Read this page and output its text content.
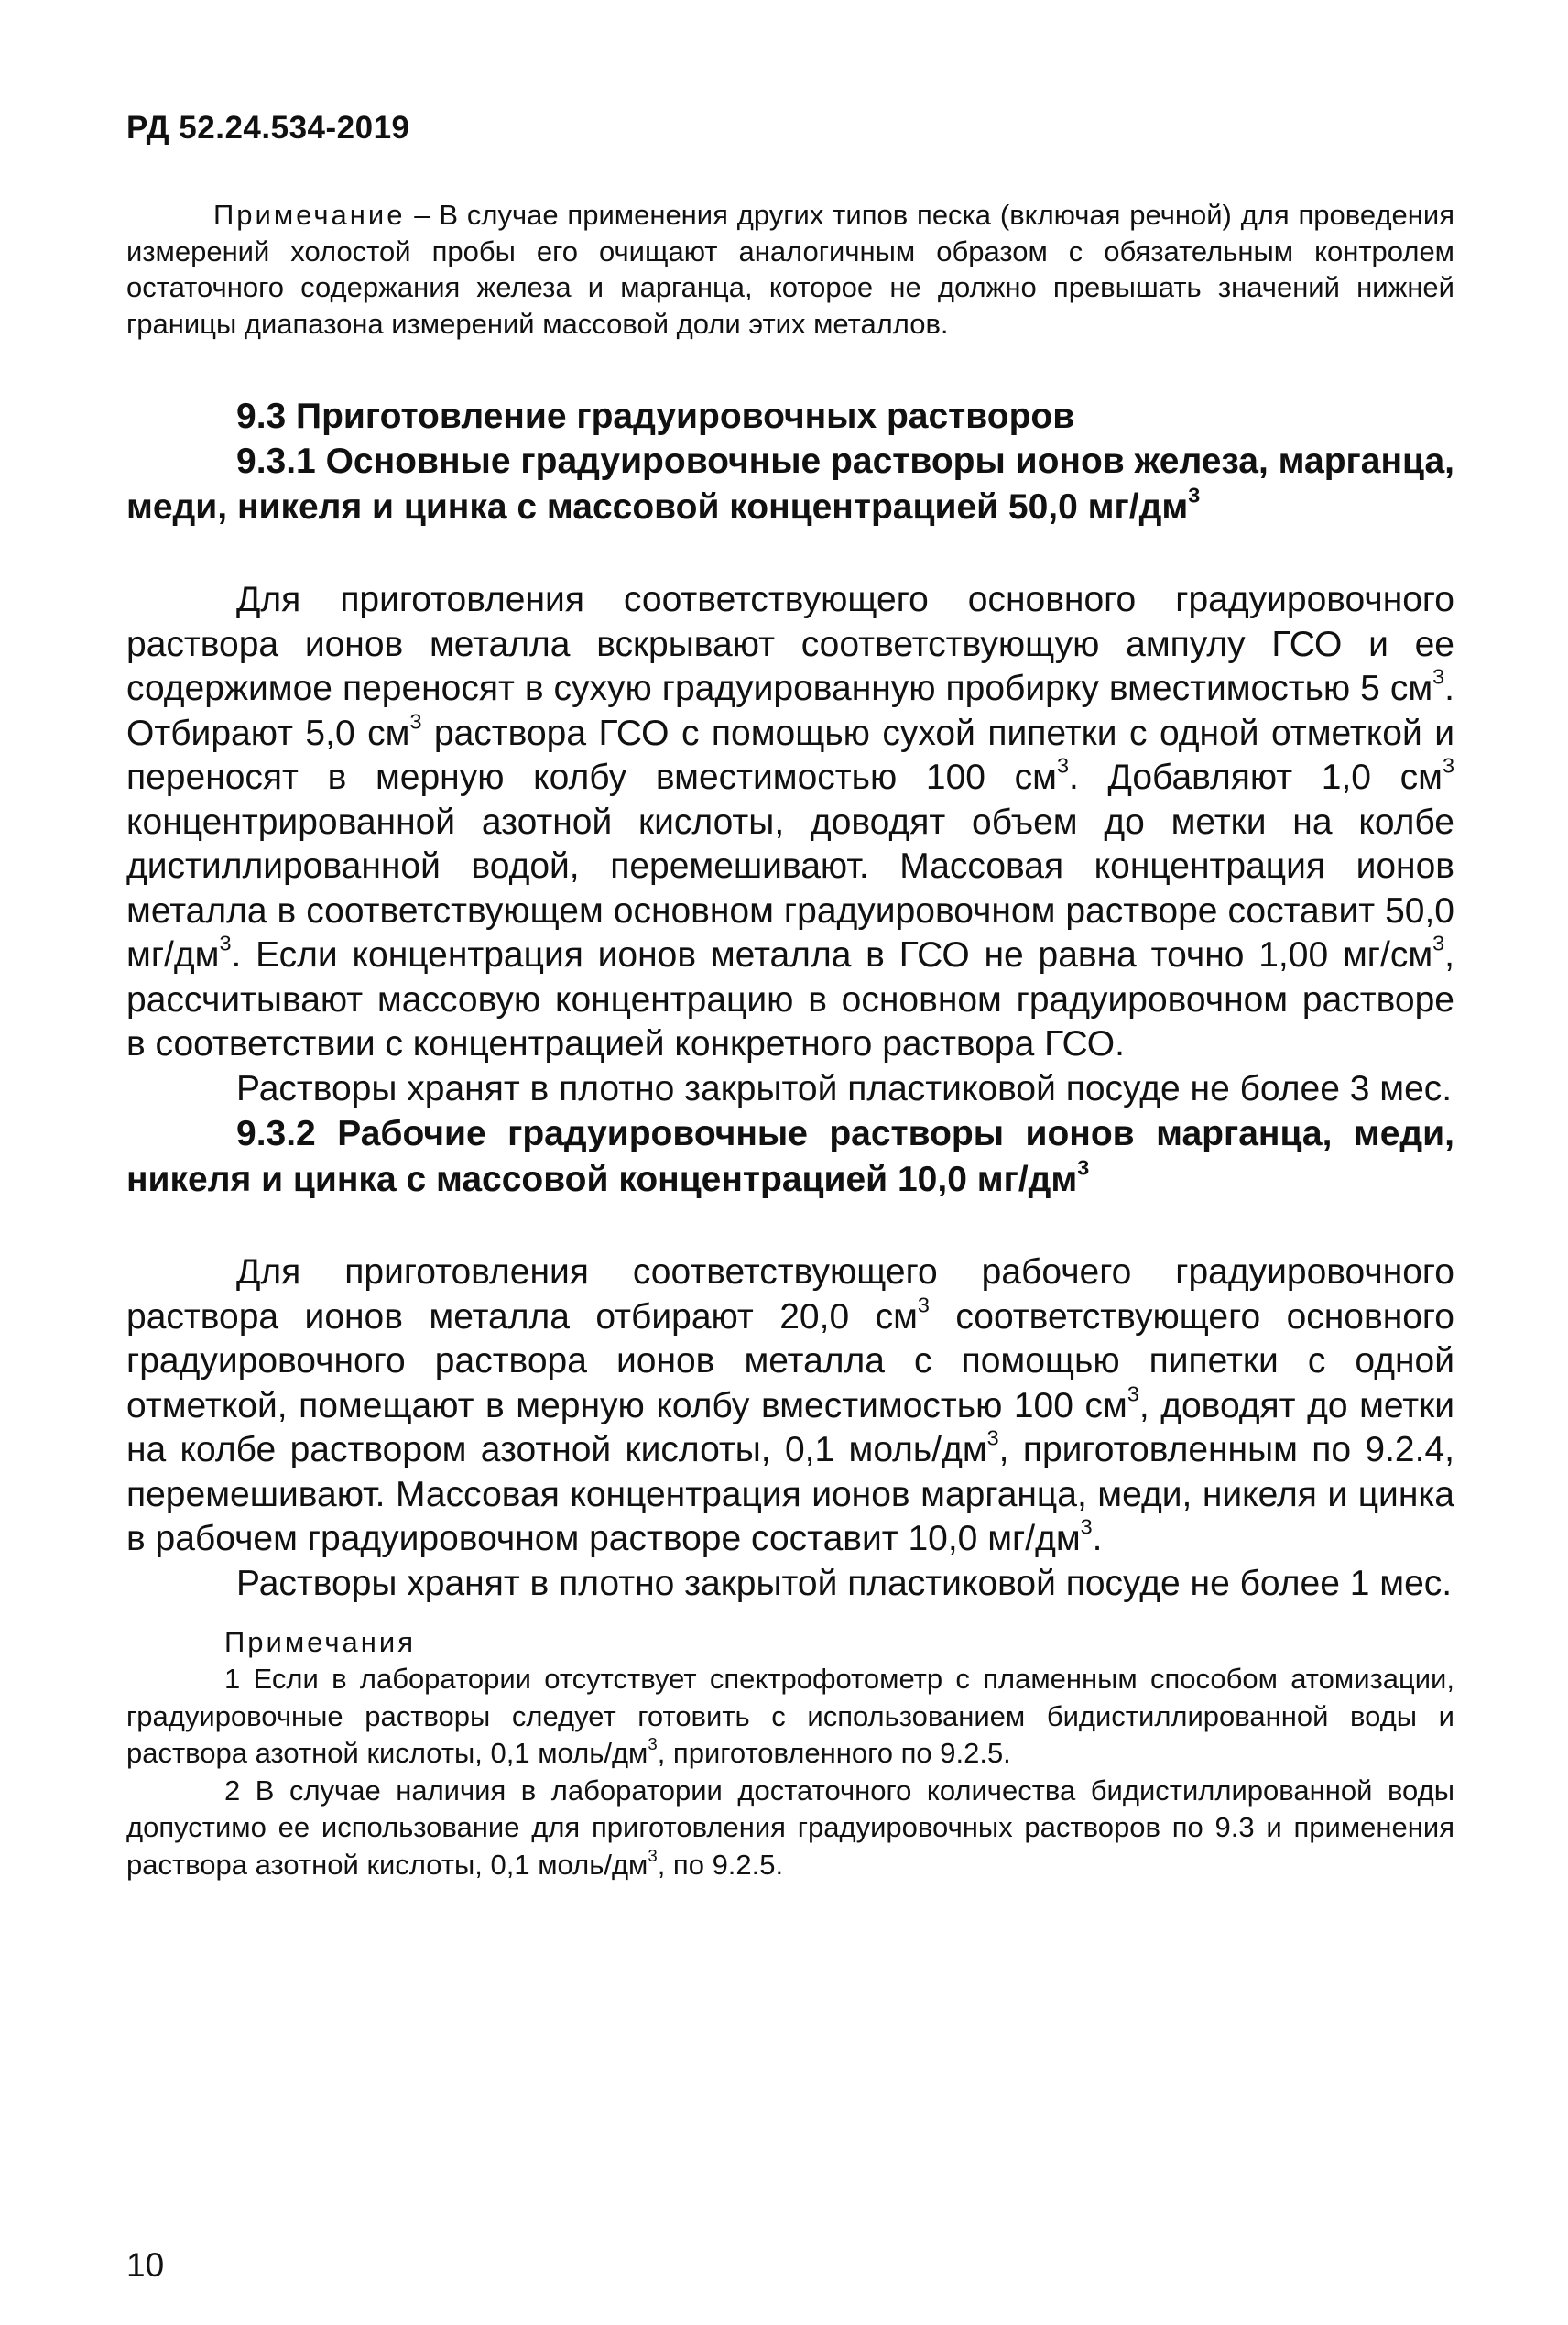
РД 52.24.534-2019

Примечание – В случае применения других типов песка (включая речной) для проведения измерений холостой пробы его очищают аналогичным образом с обязательным контролем остаточного содержания железа и марганца, которое не должно превышать значений нижней границы диапазона измерений массовой доли этих металлов.

9.3 Приготовление градуировочных растворов
9.3.1 Основные градуировочные растворы ионов железа, марганца, меди, никеля и цинка с массовой концентрацией 50,0 $мг/дм^3$

Для приготовления соответствующего основного градуировочного раствора ионов металла вскрывают соответствующую ампулу ГСО и ее содержимое переносят в сухую градуированную пробирку вместимостью 5 $см^3$. Отбирают 5,0 $см^3$ раствора ГСО с помощью сухой пипетки с одной отметкой и переносят в мерную колбу вместимостью 100 $см^3$. Добавляют 1,0 $см^3$ концентрированной азотной кислоты, доводят объем до метки на колбе дистиллированной водой, перемешивают. Массовая концентрация ионов металла в соответствующем основном градуировочном растворе составит 50,0 $мг/дм^3$. Если концентрация ионов металла в ГСО не равна точно 1,00 $мг/см^3$, рассчитывают массовую концентрацию в основном градуировочном растворе в соответствии с концентрацией конкретного раствора ГСО.

Растворы хранят в плотно закрытой пластиковой посуде не более 3 мес.

9.3.2 Рабочие градуировочные растворы ионов марганца, меди, никеля и цинка с массовой концентрацией 10,0 $мг/дм^3$

Для приготовления соответствующего рабочего градуировочного раствора ионов металла отбирают 20,0 $см^3$ соответствующего основного градуировочного раствора ионов металла с помощью пипетки с одной отметкой, помещают в мерную колбу вместимостью 100 $см^3$, доводят до метки на колбе раствором азотной кислоты, 0,1 моль/$дм^3$, приготовленным по 9.2.4, перемешивают. Массовая концентрация ионов марганца, меди, никеля и цинка в рабочем градуировочном растворе составит 10,0 $мг/дм^3$.

Растворы хранят в плотно закрытой пластиковой посуде не более 1 мес.

Примечания

1 Если в лаборатории отсутствует спектрофотометр с пламенным способом атомизации, градуировочные растворы следует готовить с использованием бидистиллированной воды и раствора азотной кислоты, 0,1 моль/$дм^3$, приготовленного по 9.2.5.

2 В случае наличия в лаборатории достаточного количества бидистиллированной воды допустимо ее использование для приготовления градуировочных растворов по 9.3 и применения раствора азотной кислоты, 0,1 моль/$дм^3$, по 9.2.5.

10
